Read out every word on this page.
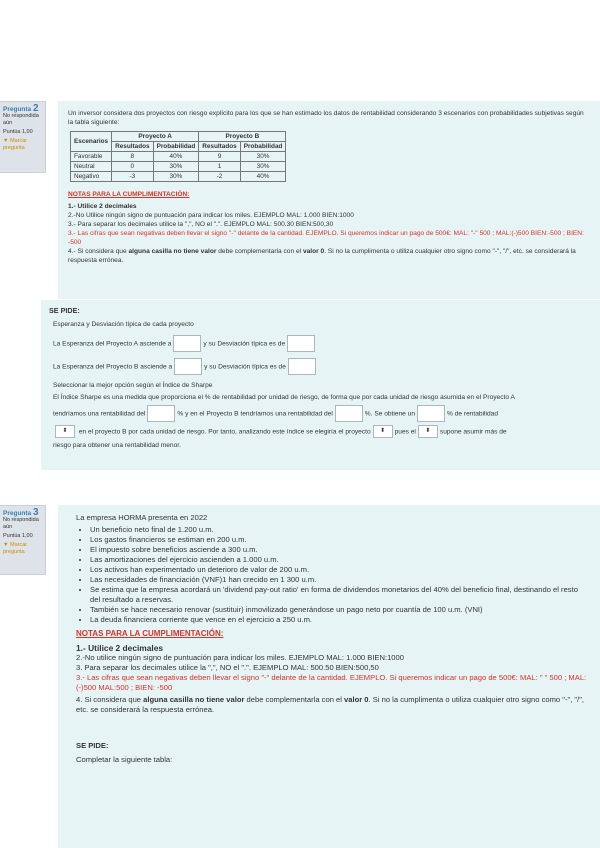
Pregunta 2
No respondida aún
Puntúa 1,00
▼ Marcar pregunta

Un inversor considera dos proyectos con riesgo explícito para los que se han estimado los datos de rentabilidad considerando 3 escenarios con probabilidades subjetivas según la tabla siguiente:

Escenarios	Proyecto A		Proyecto B	
	Resultados	Probabilidad	Resultados	Probabilidad
Favorable	8	40%	9	30%
Neutral	0	30%	1	30%
Negativo	-3	30%	-2	40%
NOTAS PARA LA CUMPLIMENTACIÓN:
1.- Utilice 2 decimales
2.-No Utilice ningún signo de puntuación para indicar los miles. EJEMPLO MAL: 1.000 BIEN:1000
3.- Para separar los decimales utilice la ",", NO el ".". EJEMPLO MAL: 500.30 BIEN:500,30
3.- Las cifras que sean negativas deben llevar el signo "-" delante de la cantidad. EJEMPLO. Si queremos indicar un pago de 500€: MAL: "-" 500 ; MAL:(-)500 BIEN:-500 ; BIEN: -500
4.- Si considera que alguna casilla no tiene valor debe complementarla con el valor 0. Si no la cumplimenta o utiliza cualquier otro signo como "-", "/", etc. se considerará la respuesta errónea.
SE PIDE:
Esperanza y Desviación típica de cada proyecto
La Esperanza del Proyecto A asciende a	y su Desviación típica es de
La Esperanza del Proyecto B asciende a	y su Desviación típica es de
Seleccionar la mejor opción según el Índice de Sharpe
El Índice Sharpe es una medida que proporciona el % de rentabilidad por unidad de riesgo, de forma que por cada unidad de riesgo asumida en el Proyecto A
tendríamos una rentabilidad del	% y en el Proyecto B tendríamos una rentabilidad del	%. Se obtiene un	% de rentabilidad
⬍ en el proyecto B por cada unidad de riesgo. Por tanto, analizando este índice se elegiría el proyecto ⬍ pues el ⬍ supone asumir más de
riesgo para obtener una rentabilidad menor.
Pregunta 3
No respondida aún
Puntúa 1,00
▼ Marcar pregunta

La empresa HORMA presenta en 2022

• Un beneficio neto final de 1.200 u.m.
• Los gastos financieros se estiman en 200 u.m.
• El impuesto sobre beneficios asciende a 300 u.m.
• Las amortizaciones del ejercicio ascienden a 1.000 u.m.
• Los activos han experimentado un deterioro de valor de 200 u.m.
• Las necesidades de financiación (VNF)1 han crecido en 1 300 u.m.
• Se estima que la empresa acordará un 'dividend pay-out ratio' en forma de dividendos monetarios del 40% del beneficio final, destinando el resto del resultado a reservas.
• También se hace necesario renovar (sustituir) inmovilizado generándose un pago neto por cuantía de 100 u.m. (VNI)
• La deuda financiera corriente que vence en el ejercicio a 250 u.m.
NOTAS PARA LA CUMPLIMENTACIÓN:
1.- Utilice 2 decimales
2.-No utilice ningún signo de puntuación para indicar los miles. EJEMPLO MAL: 1.000 BIEN:1000
3. Para separar los decimales utilice la ",", NO el ".". EJEMPLO MAL: 500.50 BIEN:500,50
3.- Las cifras que sean negativas deben llevar el signo "-" delante de la cantidad. EJEMPLO. Si queremos indicar un pago de 500€: MAL: " " 500 ; MAL:(-)500 MAL:500 ; BIEN: -500
4. Si considera que alguna casilla no tiene valor debe complementarla con el valor 0. Si no la cumplimenta o utiliza cualquier otro signo como "-", "/", etc. se considerará la respuesta errónea.
SE PIDE:
Completar la siguiente tabla:
